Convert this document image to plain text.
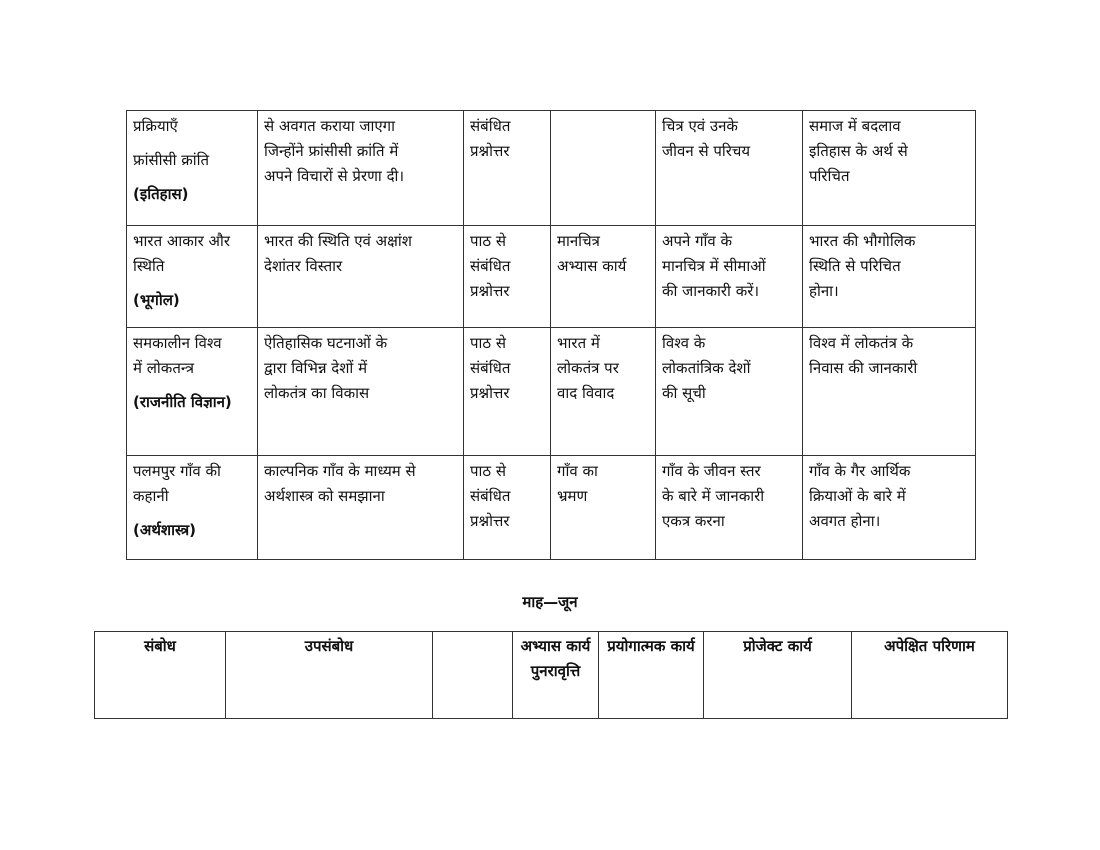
प्रक्रियाएँ
फ्रांसीसी क्रांति
(इतिहास)	से अवगत कराया जाएगा
जिन्होंने फ्रांसीसी क्रांति में
अपने विचारों से प्रेरणा दी।	संबंधित
प्रश्नोत्तर		चित्र एवं उनके
जीवन से परिचय	समाज में बदलाव
इतिहास के अर्थ से
परिचित

भारत आकार और
स्थिति
(भूगोल)	भारत की स्थिति एवं अक्षांश
देशांतर विस्तार	पाठ से
संबंधित
प्रश्नोत्तर	मानचित्र
अभ्यास कार्य	अपने गाँव के
मानचित्र में सीमाओं
की जानकारी करें।	भारत की भौगोलिक
स्थिति से परिचित
होना।

समकालीन विश्व
में लोकतन्त्र
(राजनीति विज्ञान)	ऐतिहासिक घटनाओं के
द्वारा विभिन्न देशों में
लोकतंत्र का विकास	पाठ से
संबंधित
प्रश्नोत्तर	भारत में
लोकतंत्र पर
वाद विवाद	विश्व के
लोकतांत्रिक देशों
की सूची	विश्व में लोकतंत्र के
निवास की जानकारी

पलमपुर गाँव की
कहानी
(अर्थशास्त्र)	काल्पनिक गाँव के माध्यम से
अर्थशास्त्र को समझाना	पाठ से
संबंधित
प्रश्नोत्तर	गाँव का
भ्रमण	गाँव के जीवन स्तर
के बारे में जानकारी
एकत्र करना	गाँव के गैर आर्थिक
क्रियाओं के बारे में
अवगत होना।
माह—जून
संबोध	उपसंबोध		अभ्यास कार्य पुनरावृत्ति	प्रयोगात्मक कार्य	प्रोजेक्ट कार्य	अपेक्षित परिणाम
